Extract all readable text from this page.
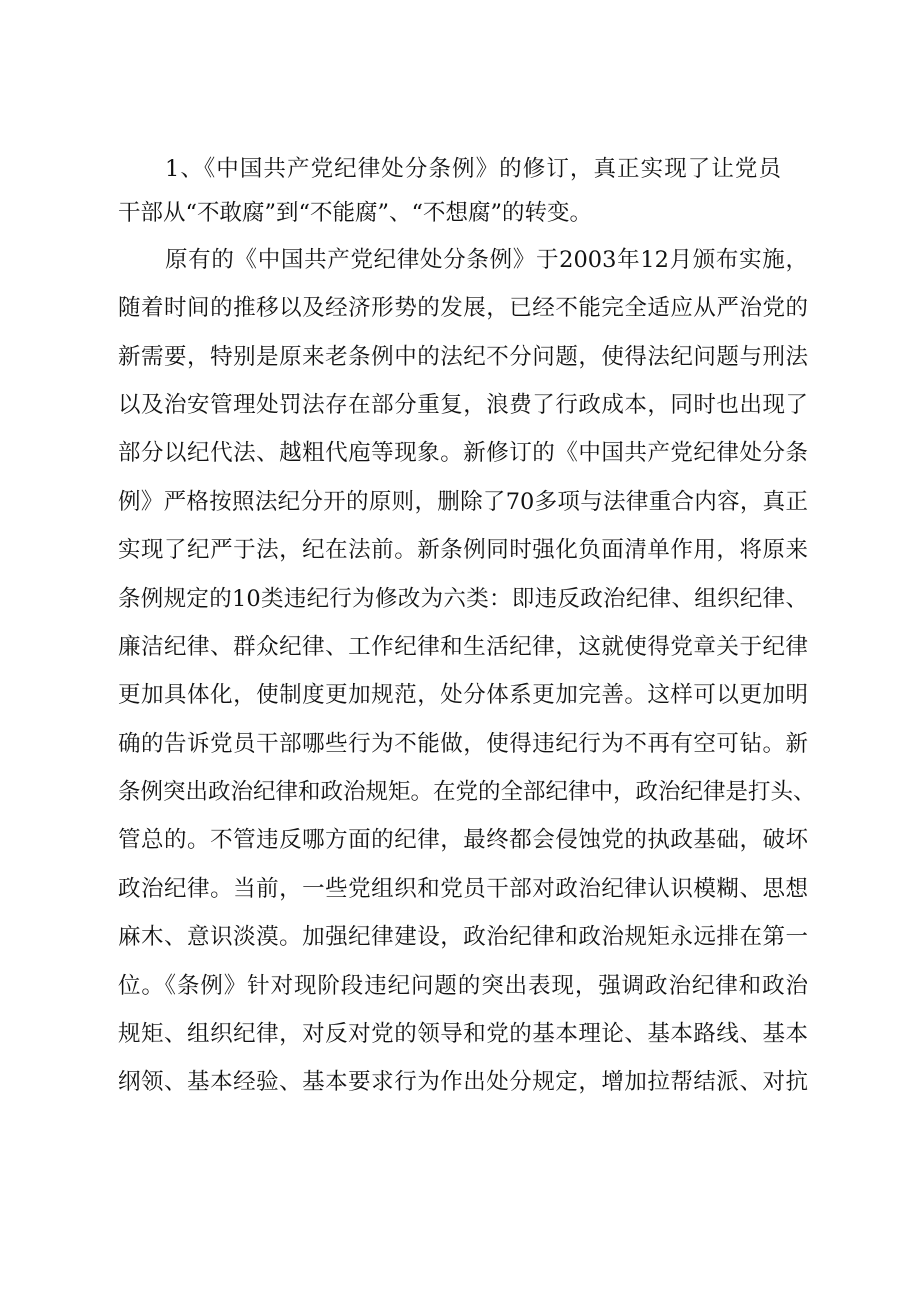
1、《中国共产党纪律处分条例》的修订，真正实现了让党员
干部从“不敢腐”到“不能腐”、“不想腐”的转变。
原有的《中国共产党纪律处分条例》于2003年12月颁布实施，
随着时间的推移以及经济形势的发展，已经不能完全适应从严治党的
新需要，特别是原来老条例中的法纪不分问题，使得法纪问题与刑法
以及治安管理处罚法存在部分重复，浪费了行政成本，同时也出现了
部分以纪代法、越粗代庖等现象。新修订的《中国共产党纪律处分条
例》严格按照法纪分开的原则，删除了70多项与法律重合内容，真正
实现了纪严于法，纪在法前。新条例同时强化负面清单作用，将原来
条例规定的10类违纪行为修改为六类：即违反政治纪律、组织纪律、
廉洁纪律、群众纪律、工作纪律和生活纪律，这就使得党章关于纪律
更加具体化，使制度更加规范，处分体系更加完善。这样可以更加明
确的告诉党员干部哪些行为不能做，使得违纪行为不再有空可钻。新
条例突出政治纪律和政治规矩。在党的全部纪律中，政治纪律是打头、
管总的。不管违反哪方面的纪律，最终都会侵蚀党的执政基础，破坏
政治纪律。当前，一些党组织和党员干部对政治纪律认识模糊、思想
麻木、意识淡漠。加强纪律建设，政治纪律和政治规矩永远排在第一
位。《条例》针对现阶段违纪问题的突出表现，强调政治纪律和政治
规矩、组织纪律，对反对党的领导和党的基本理论、基本路线、基本
纲领、基本经验、基本要求行为作出处分规定，增加拉帮结派、对抗
